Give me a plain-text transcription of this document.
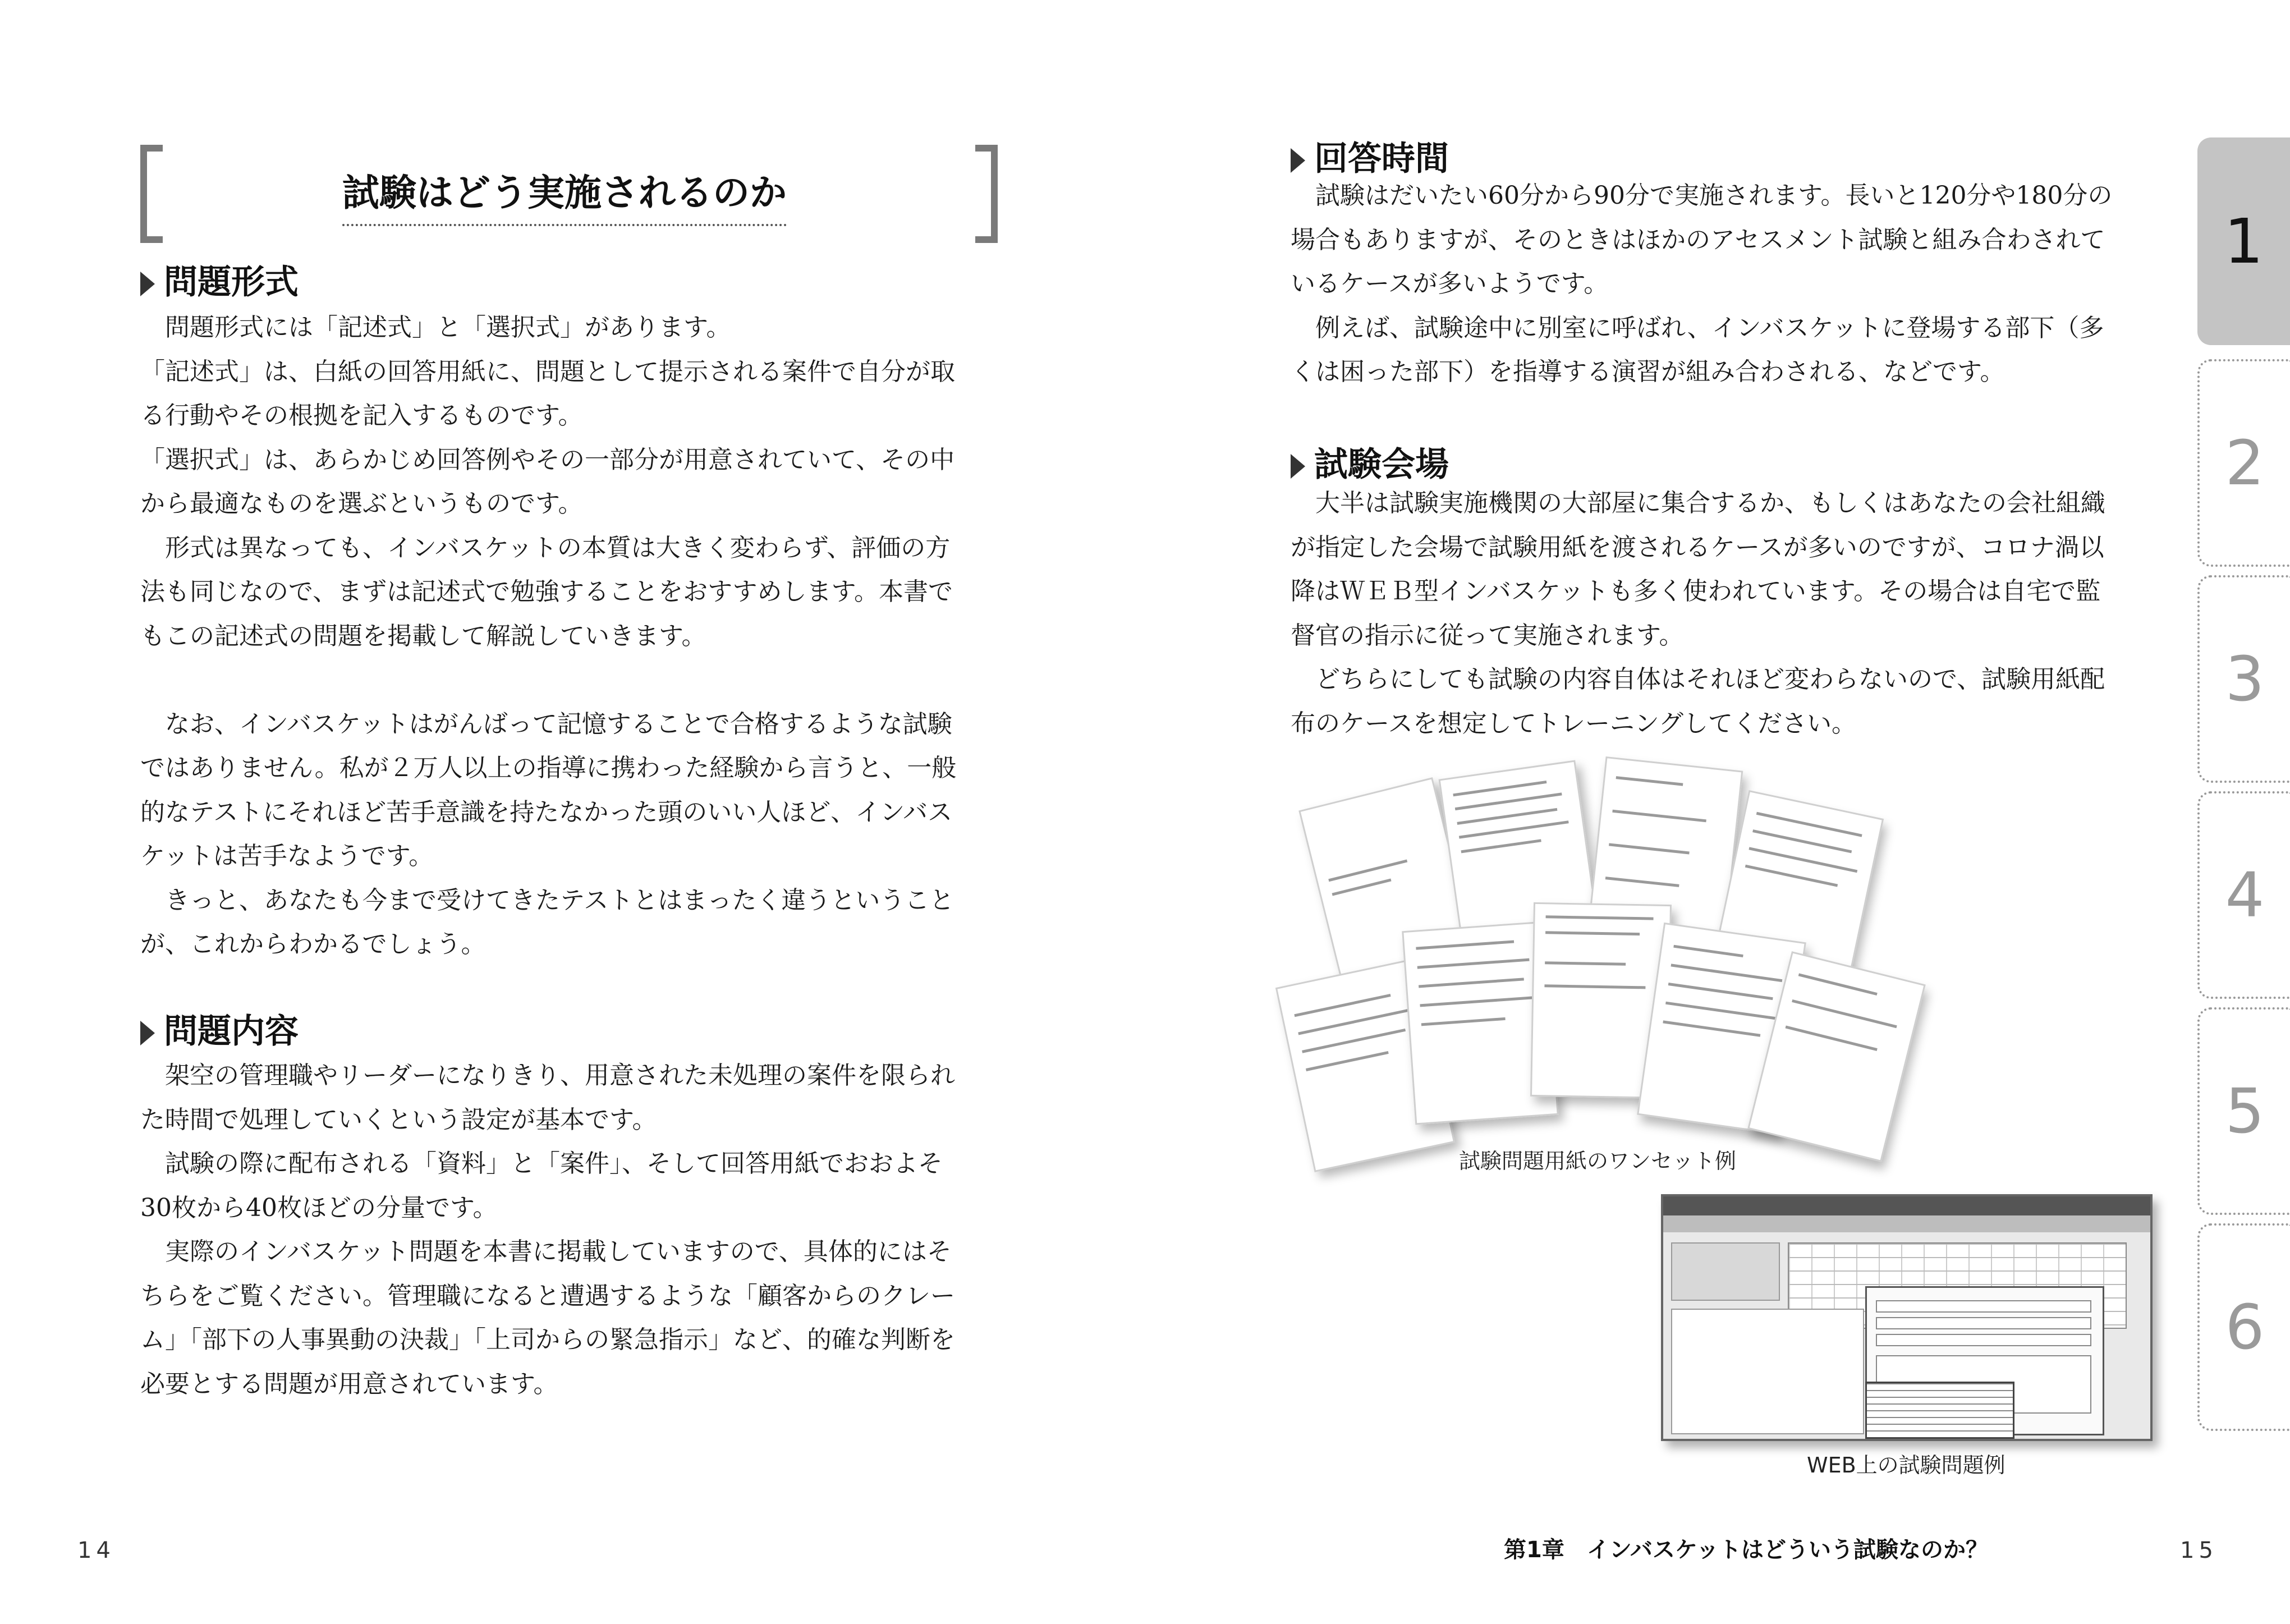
試験はどう実施されるのか
問題形式

　問題形式には「記述式」と「選択式」があります。

「記述式」は、白紙の回答用紙に、問題として提示される案件で自分が取

る行動やその根拠を記入するものです。

「選択式」は、あらかじめ回答例やその一部分が用意されていて、その中

から最適なものを選ぶというものです。

　形式は異なっても、インバスケットの本質は大きく変わらず、評価の方

法も同じなので、まずは記述式で勉強することをおすすめします。本書で

もこの記述式の問題を掲載して解説していきます。

　なお、インバスケットはがんばって記憶することで合格するような試験

ではありません。私が２万人以上の指導に携わった経験から言うと、一般

的なテストにそれほど苦手意識を持たなかった頭のいい人ほど、インバス

ケットは苦手なようです。

　きっと、あなたも今まで受けてきたテストとはまったく違うということ

が、これからわかるでしょう。

問題内容

　架空の管理職やリーダーになりきり、用意された未処理の案件を限られ

た時間で処理していくという設定が基本です。

　試験の際に配布される「資料」と「案件」、そして回答用紙でおおよそ

30枚から40枚ほどの分量です。

　実際のインバスケット問題を本書に掲載していますので、具体的にはそ

ちらをご覧ください。管理職になると遭遇するような「顧客からのクレー

ム」「部下の人事異動の決裁」「上司からの緊急指示」など、的確な判断を

必要とする問題が用意されています。

14
回答時間

　試験はだいたい60分から90分で実施されます。長いと120分や180分の

場合もありますが、そのときはほかのアセスメント試験と組み合わされて

いるケースが多いようです。

　例えば、試験途中に別室に呼ばれ、インバスケットに登場する部下（多

くは困った部下）を指導する演習が組み合わされる、などです。

試験会場

　大半は試験実施機関の大部屋に集合するか、もしくはあなたの会社組織

が指定した会場で試験用紙を渡されるケースが多いのですが、コロナ渦以

降はＷＥＢ型インバスケットも多く使われています。その場合は自宅で監

督官の指示に従って実施されます。

　どちらにしても試験の内容自体はそれほど変わらないので、試験用紙配

布のケースを想定してトレーニングしてください。

試験問題用紙のワンセット例
WEB上の試験問題例
第1章　インバスケットはどういう試験なのか？	15
1
2
3
4
5
6
